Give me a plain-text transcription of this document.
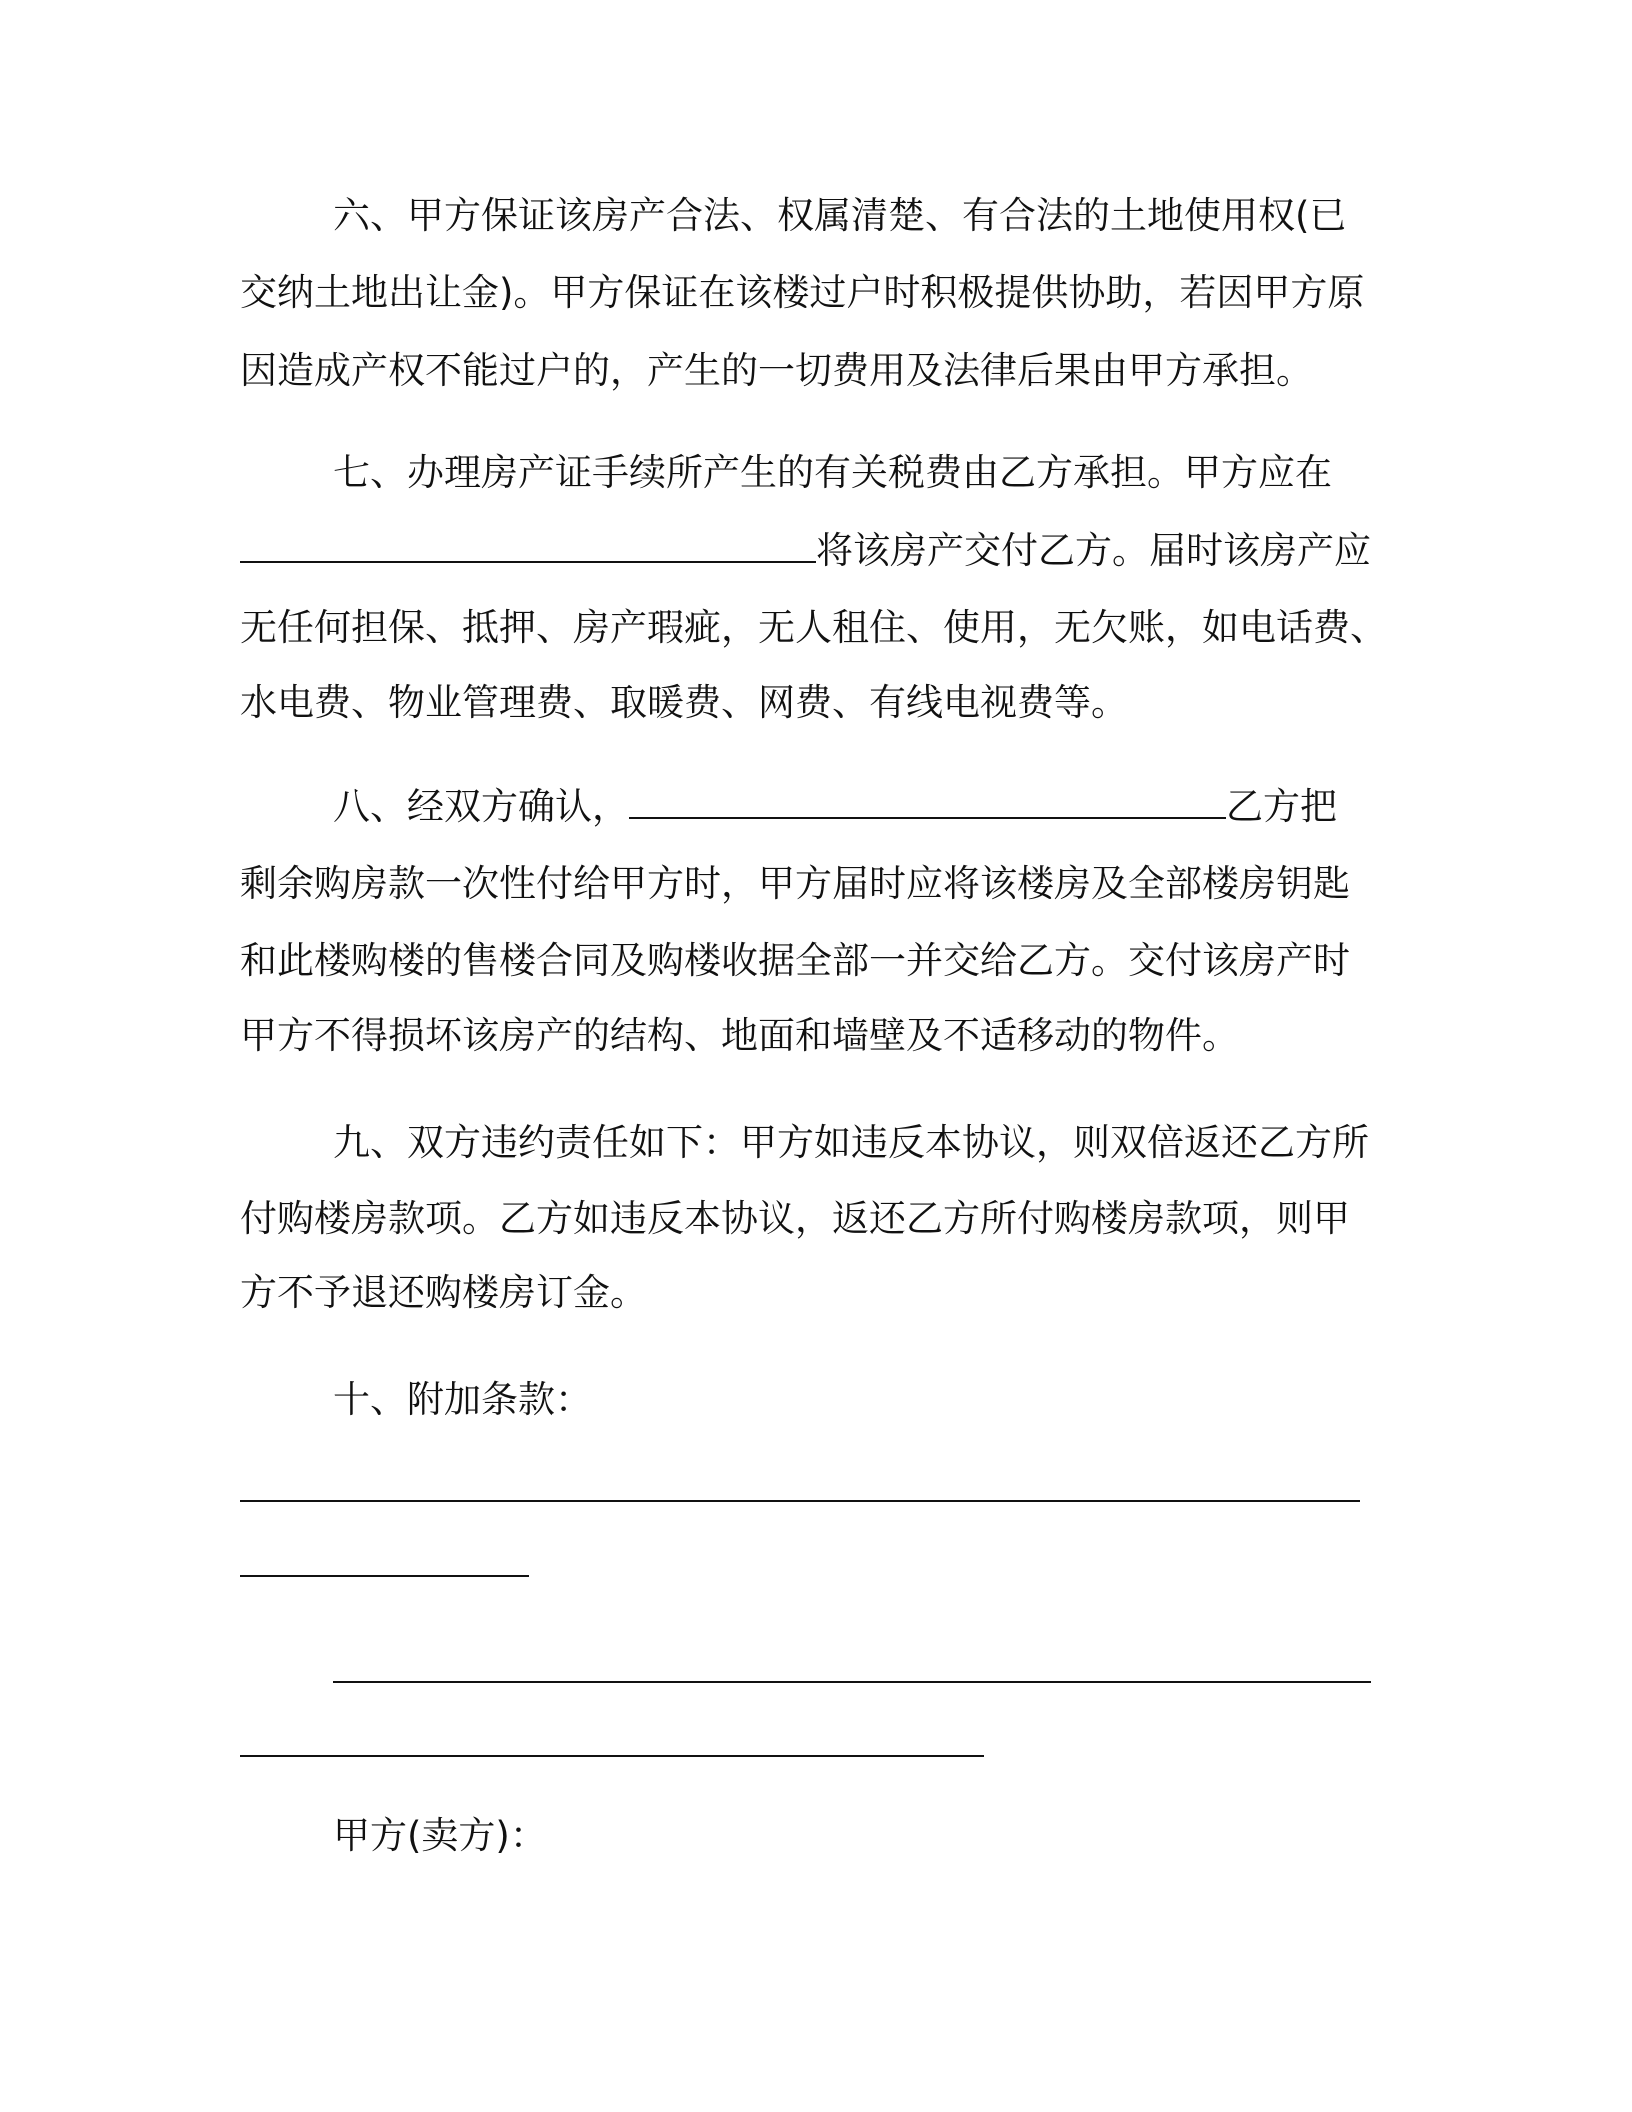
六、甲方保证该房产合法、权属清楚、有合法的土地使用权(已
交纳土地出让金)。甲方保证在该楼过户时积极提供协助，若因甲方原
因造成产权不能过户的，产生的一切费用及法律后果由甲方承担。
七、办理房产证手续所产生的有关税费由乙方承担。甲方应在
将该房产交付乙方。届时该房产应
无任何担保、抵押、房产瑕疵，无人租住、使用，无欠账，如电话费、
水电费、物业管理费、取暖费、网费、有线电视费等。
八、经双方确认，	乙方把
剩余购房款一次性付给甲方时，甲方届时应将该楼房及全部楼房钥匙
和此楼购楼的售楼合同及购楼收据全部一并交给乙方。交付该房产时
甲方不得损坏该房产的结构、地面和墙壁及不适移动的物件。
九、双方违约责任如下：甲方如违反本协议，则双倍返还乙方所
付购楼房款项。乙方如违反本协议，返还乙方所付购楼房款项，则甲
方不予退还购楼房订金。
十、附加条款：
甲方(卖方)：
